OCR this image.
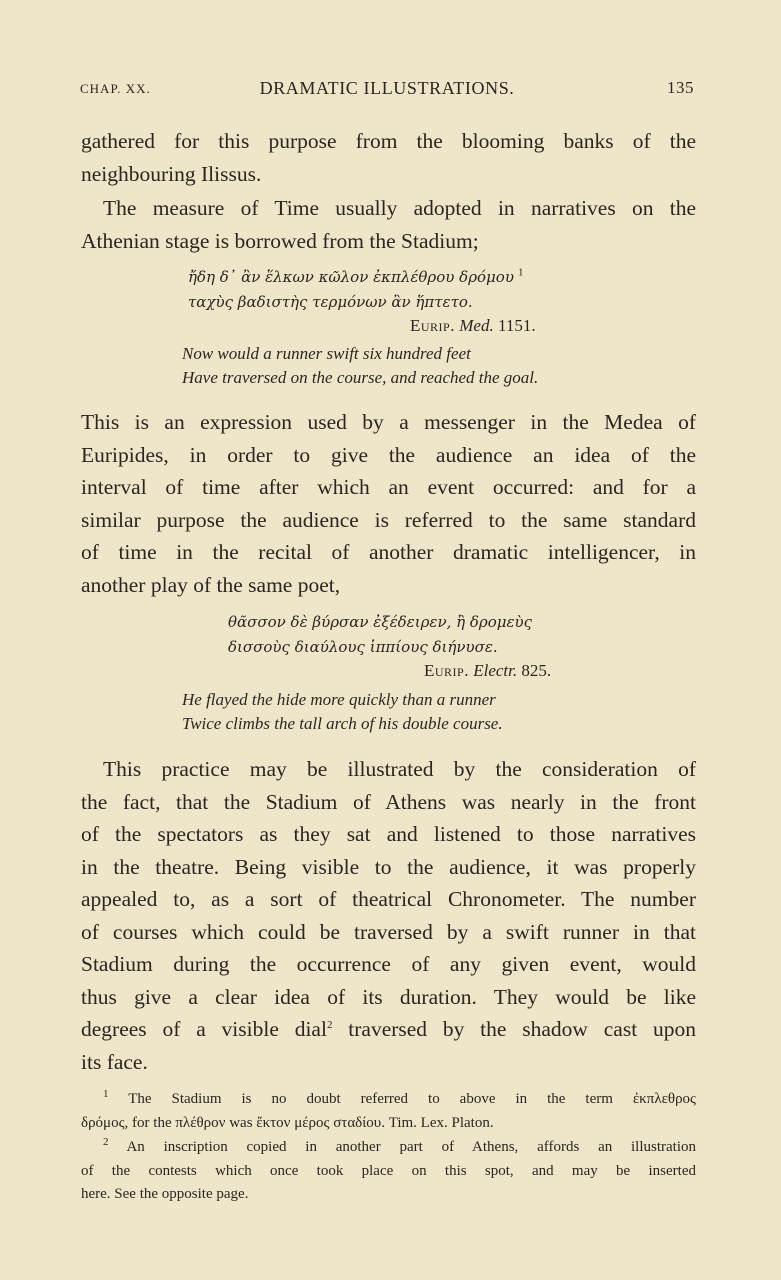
CHAP. XX.	DRAMATIC ILLUSTRATIONS.	135
gathered for this purpose from the blooming banks of the
neighbouring Ilissus.
The measure of Time usually adopted in narratives on the
Athenian stage is borrowed from the Stadium;
ἤδη δ᾽ ἂν ἕλκων κῶλον ἐκπλέθρου δρόμου $^1$
ταχὺς βαδιστὴς τερμόνων ἂν ἥπτετο.
Eurip. Med. 1151.
Now would a runner swift six hundred feet
Have traversed on the course, and reached the goal.
This is an expression used by a messenger in the Medea of
Euripides, in order to give the audience an idea of the
interval of time after which an event occurred: and for a
similar purpose the audience is referred to the same standard
of time in the recital of another dramatic intelligencer, in
another play of the same poet,
θᾶσσον δὲ βύρσαν ἐξέδειρεν, ἢ δρομεὺς
δισσοὺς διαύλους ἱππίους διήνυσε.
Eurip. Electr. 825.
He flayed the hide more quickly than a runner
Twice climbs the tall arch of his double course.
This practice may be illustrated by the consideration of
the fact, that the Stadium of Athens was nearly in the front
of the spectators as they sat and listened to those narratives
in the theatre. Being visible to the audience, it was properly
appealed to, as a sort of theatrical Chronometer. The number
of courses which could be traversed by a swift runner in that
Stadium during the occurrence of any given event, would
thus give a clear idea of its duration. They would be like
degrees of a visible dial$^2$ traversed by the shadow cast upon
its face.
$^1$ The Stadium is no doubt referred to above in the term ἐκπλεθρος
δρόμος, for the πλέθρον was ἕκτον μέρος σταδίου. Tim. Lex. Platon.
$^2$ An inscription copied in another part of Athens, affords an illustration
of the contests which once took place on this spot, and may be inserted
here. See the opposite page.
